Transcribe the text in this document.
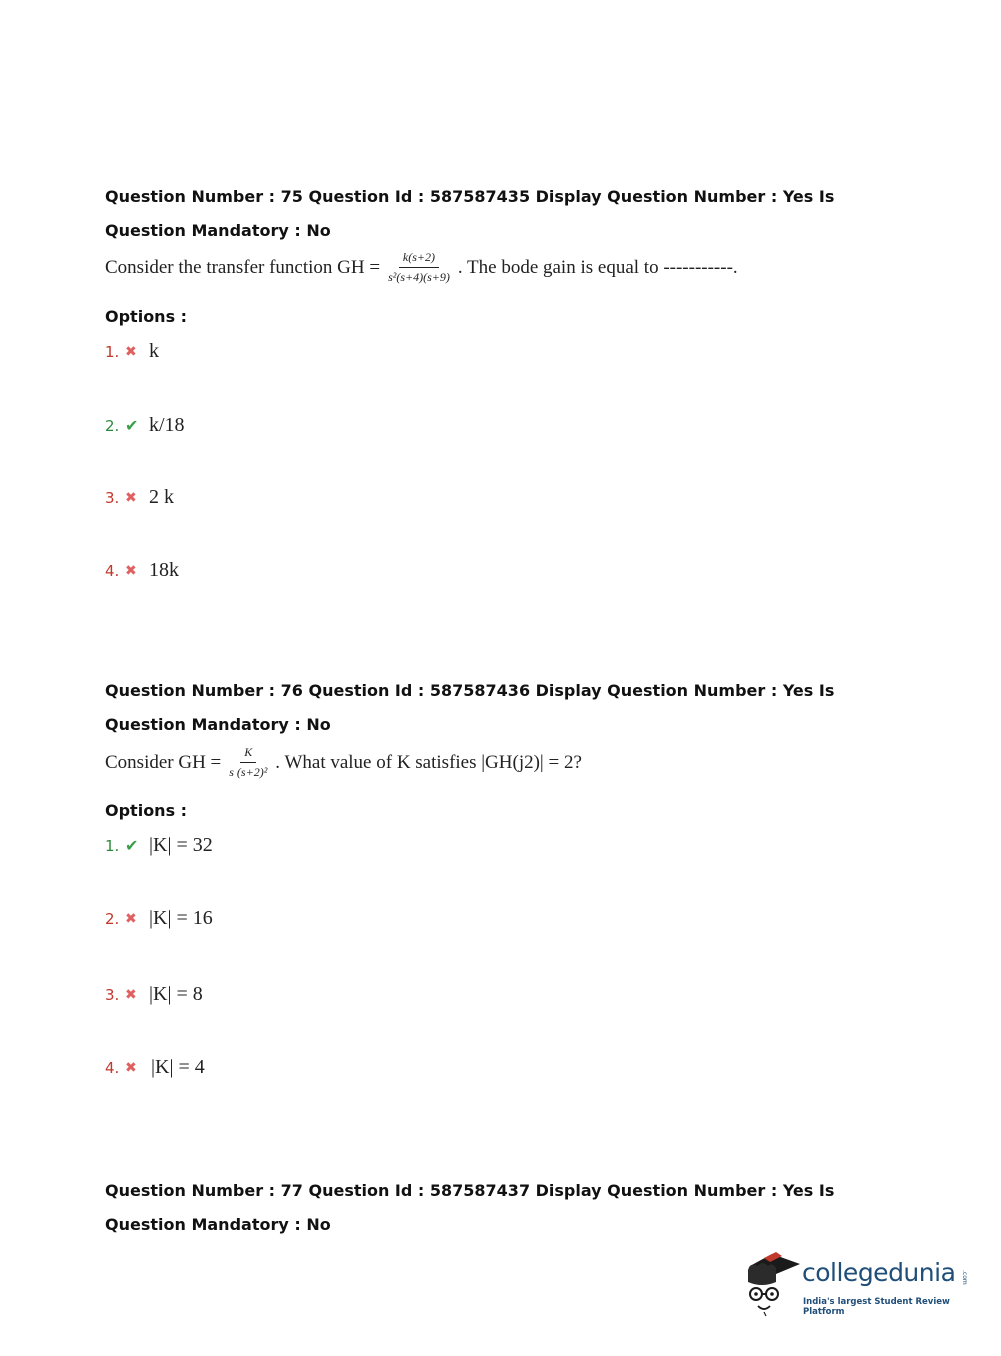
Question Number : 75 Question Id : 587587435 Display Question Number : Yes Is Question Mandatory : No
Consider the transfer function GH = $\frac{k(s+2)}{\text{s²(s+4)(s+9)}}$ . The bode gain is equal to -----------.
Options :
1. ✖ k
2. ✔ k/18
3. ✖ 2 k
4. ✖ 18k
Question Number : 76 Question Id : 587587436 Display Question Number : Yes Is Question Mandatory : No
Consider GH = $\frac{K}{\text{s (s+2)²}}$ . What value of K satisfies |GH(j2)| = 2?
Options :
1. ✔ |K| = 32
2. ✖ |K| = 16
3. ✖ |K| = 8
4. ✖ |K| = 4
Question Number : 77 Question Id : 587587437 Display Question Number : Yes Is Question Mandatory : No
collegedunia .com
India's largest Student Review Platform
